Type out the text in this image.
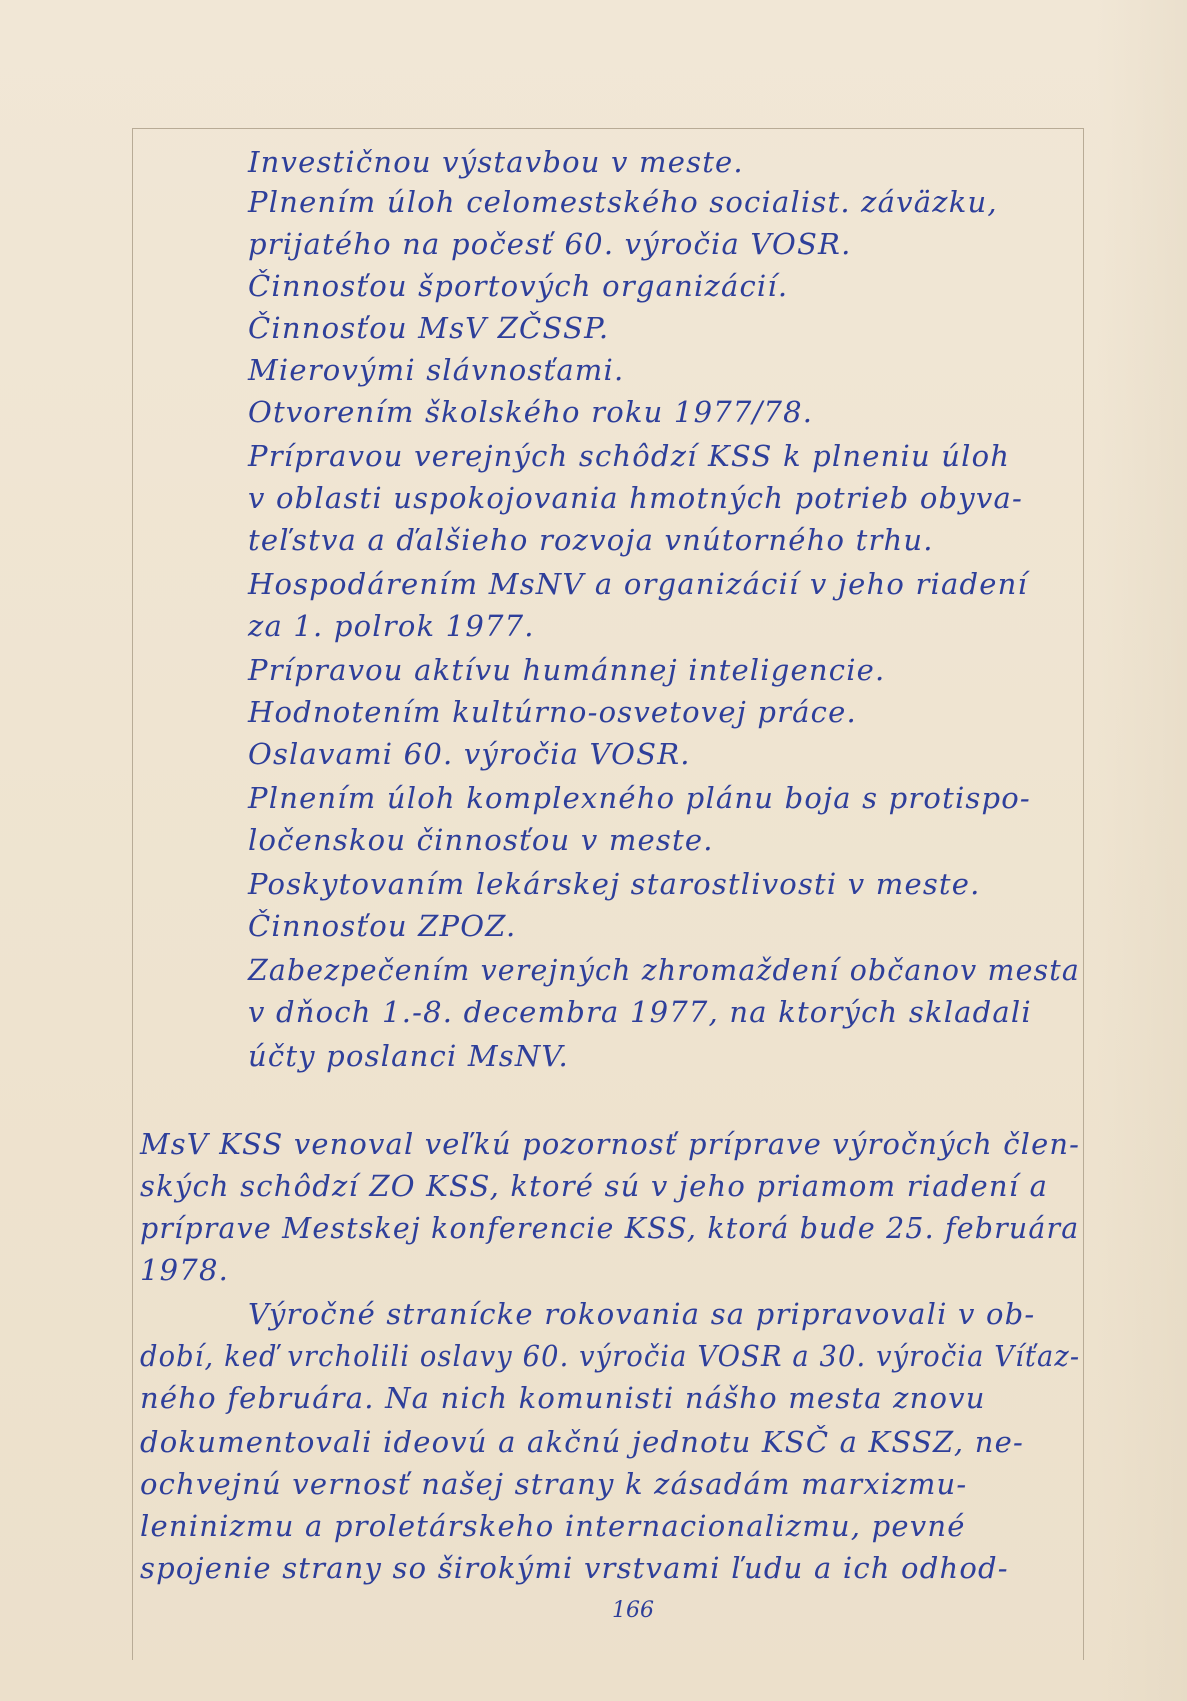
Investičnou výstavbou v meste.
Plnením úloh celomestského socialist. záväzku,
prijatého na počesť 60. výročia VOSR.
Činnosťou športových organizácií.
Činnosťou MsV ZČSSP.
Mierovými slávnosťami.
Otvorením školského roku 1977/78.
Prípravou verejných schôdzí KSS k plneniu úloh
v oblasti uspokojovania hmotných potrieb obyva-
teľstva a ďalšieho rozvoja vnútorného trhu.
Hospodárením MsNV a organizácií v jeho riadení
za 1. polrok 1977.
Prípravou aktívu humánnej inteligencie.
Hodnotením kultúrno-osvetovej práce.
Oslavami 60. výročia VOSR.
Plnením úloh komplexného plánu boja s protispo-
ločenskou činnosťou v meste.
Poskytovaním lekárskej starostlivosti v meste.
Činnosťou ZPOZ.
Zabezpečením verejných zhromaždení občanov mesta
v dňoch 1.-8. decembra 1977, na ktorých skladali
účty poslanci MsNV.
MsV KSS venoval veľkú pozornosť príprave výročných člen-
ských schôdzí ZO KSS, ktoré sú v jeho priamom riadení a
príprave Mestskej konferencie KSS, ktorá bude 25. februára
1978.
Výročné stranícke rokovania sa pripravovali v ob-
dobí, keď vrcholili oslavy 60. výročia VOSR a 30. výročia Víťaz-
ného februára. Na nich komunisti nášho mesta znovu
dokumentovali ideovú a akčnú jednotu KSČ a KSSZ, ne-
ochvejnú vernosť našej strany k zásadám marxizmu-
leninizmu a proletárskeho internacionalizmu, pevné
spojenie strany so širokými vrstvami ľudu a ich odhod-
166
